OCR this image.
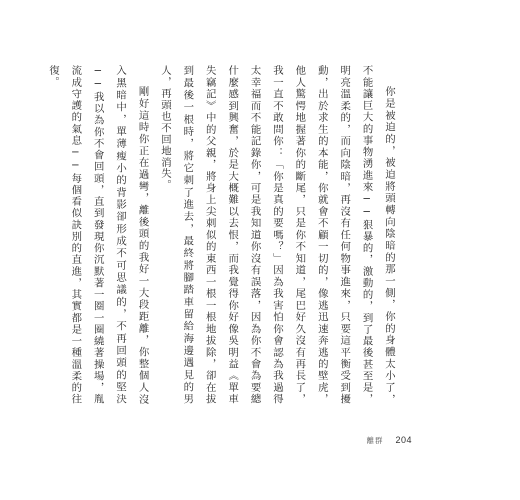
你是被迫的，被迫將頭轉向陰暗的那一側，你的身體太小了，不能讓巨大的事物湧進來──狠暴的，激動的，到了最後甚至是，明亮溫柔的，而向陰暗，再沒有任何物事進來，只要這平衡受到擾動，出於求生的本能，你就會不顧一切的，像逃迅速奔逃的壁虎，他人驚愕地握著你的斷尾，只是你不知道，尾巴好久沒有再長了，我一直不敢問你：「你是真的要嗎？」因為我害怕你會認為我過得太幸福而不能記錄你，可是我知道你沒有誤落，因為你不會為要總什麼感到興奮，於是大概難以去恨，而我覺得你好像吳明益《單車失竊記》中的父親，將身上尖刺似的東西一根一根地拔除，卻在拔到最後一根時，將它刺了進去，最終將腳踏車留給海邊遇見的男人，再頭也不回地消失。

剛好這時你正在過彎，離後頭的我好一大段距離，你整個人沒入黑暗中，單薄瘦小的背影卻形成不可思議的，不再回頭的堅決──我以為你不會回頭，直到發現你沉默著一圈一圈繞著操場，胤流成守護的氣息──每個看似訣別的直進，其實都是一種溫柔的往復。

離群 204
